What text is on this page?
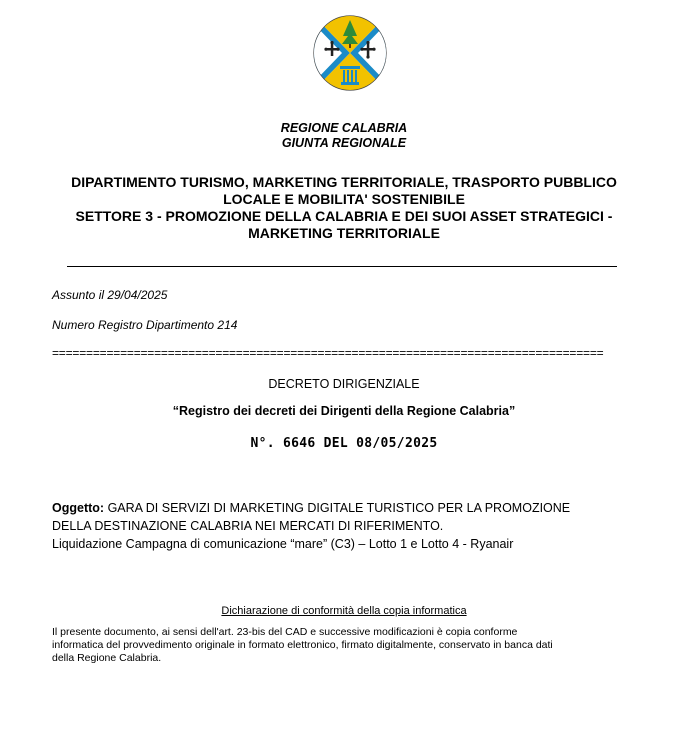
REGIONE CALABRIA
GIUNTA REGIONALE
DIPARTIMENTO TURISMO, MARKETING TERRITORIALE, TRASPORTO PUBBLICO
LOCALE E MOBILITA' SOSTENIBILE
SETTORE 3 - PROMOZIONE DELLA CALABRIA E DEI SUOI ASSET STRATEGICI -
MARKETING TERRITORIALE
Assunto il 29/04/2025
Numero Registro Dipartimento 214
=================================================================================
DECRETO DIRIGENZIALE
“Registro dei decreti dei Dirigenti della Regione Calabria”
N°. 6646 DEL 08/05/2025
Oggetto: GARA DI SERVIZI DI MARKETING DIGITALE TURISTICO PER LA PROMOZIONE
DELLA DESTINAZIONE CALABRIA NEI MERCATI DI RIFERIMENTO.
Liquidazione Campagna di comunicazione “mare” (C3) – Lotto 1 e Lotto 4 - Ryanair
Dichiarazione di conformità della copia informatica
Il presente documento, ai sensi dell'art. 23-bis del CAD e successive modificazioni è copia conforme
informatica del provvedimento originale in formato elettronico, firmato digitalmente, conservato in banca dati
della Regione Calabria.
